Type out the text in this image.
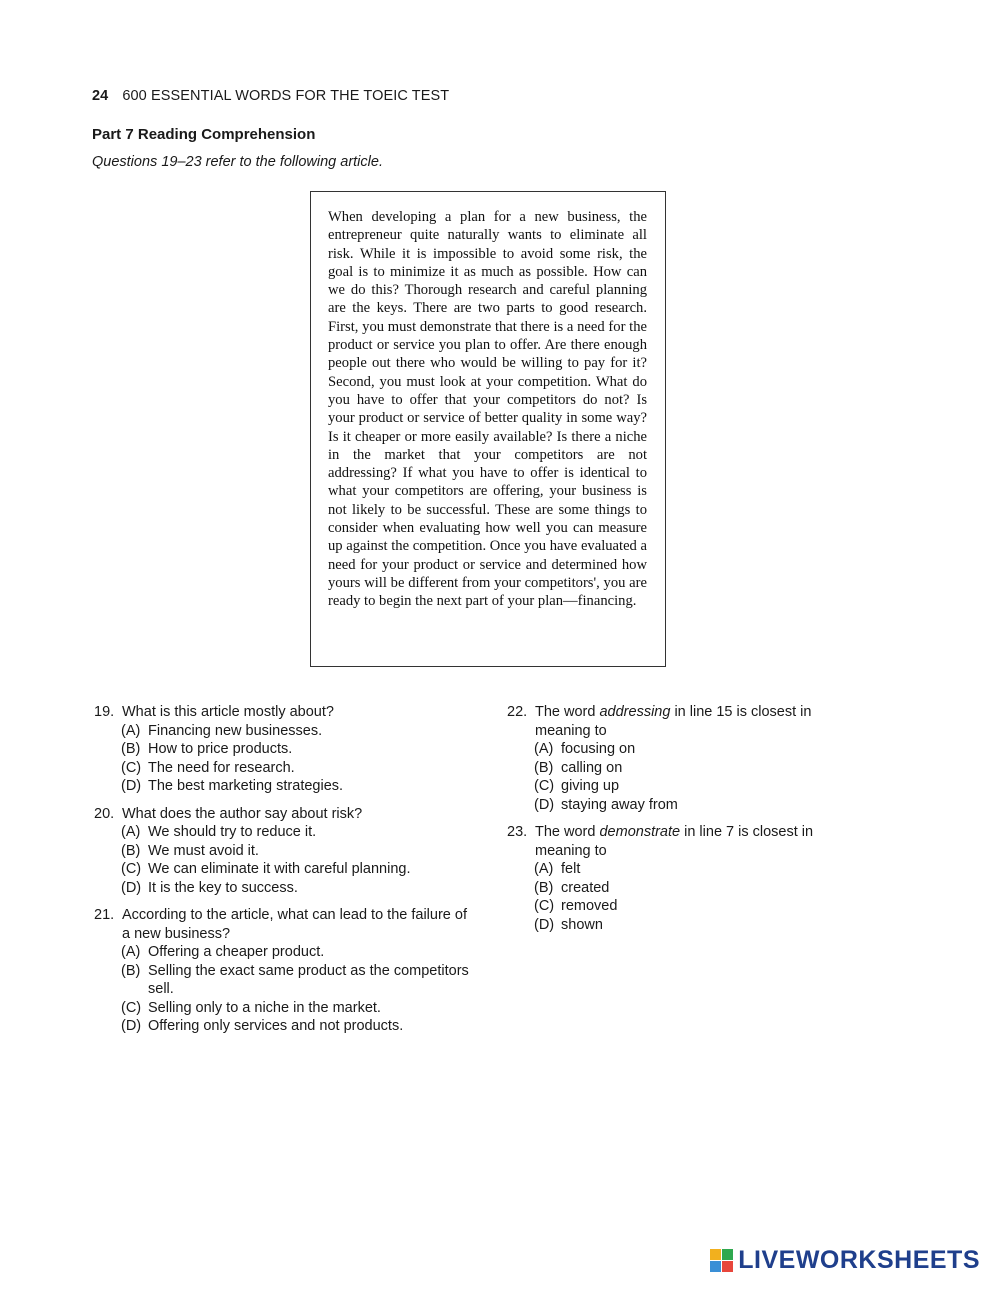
24 600 ESSENTIAL WORDS FOR THE TOEIC TEST
Part 7 Reading Comprehension
Questions 19–23 refer to the following article.

When developing a plan for a new business, the entrepreneur quite naturally wants to eliminate all risk. While it is impossible to avoid some risk, the goal is to minimize it as much as possible. How can we do this? Thorough research and careful planning are the keys. There are two parts to good research. First, you must demonstrate that there is a need for the product or service you plan to offer. Are there enough people out there who would be willing to pay for it? Second, you must look at your competition. What do you have to offer that your competitors do not? Is your product or service of better quality in some way? Is it cheaper or more easily available? Is there a niche in the market that your competitors are not addressing? If what you have to offer is identical to what your competitors are offering, your business is not likely to be successful. These are some things to consider when evaluating how well you can measure up against the competition. Once you have evaluated a need for your product or service and determined how yours will be different from your competitors', you are ready to begin the next part of your plan—financing.

19. What is this article mostly about?
(A) Financing new businesses.
(B) How to price products.
(C) The need for research.
(D) The best marketing strategies.
20. What does the author say about risk?
(A) We should try to reduce it.
(B) We must avoid it.
(C) We can eliminate it with careful planning.
(D) It is the key to success.
21. According to the article, what can lead to the failure of a new business?
(A) Offering a cheaper product.
(B) Selling the exact same product as the competitors sell.
(C) Selling only to a niche in the market.
(D) Offering only services and not products.
22. The word addressing in line 15 is closest in meaning to
(A) focusing on
(B) calling on
(C) giving up
(D) staying away from
23. The word demonstrate in line 7 is closest in meaning to
(A) felt
(B) created
(C) removed
(D) shown
LIVEWORKSHEETS
